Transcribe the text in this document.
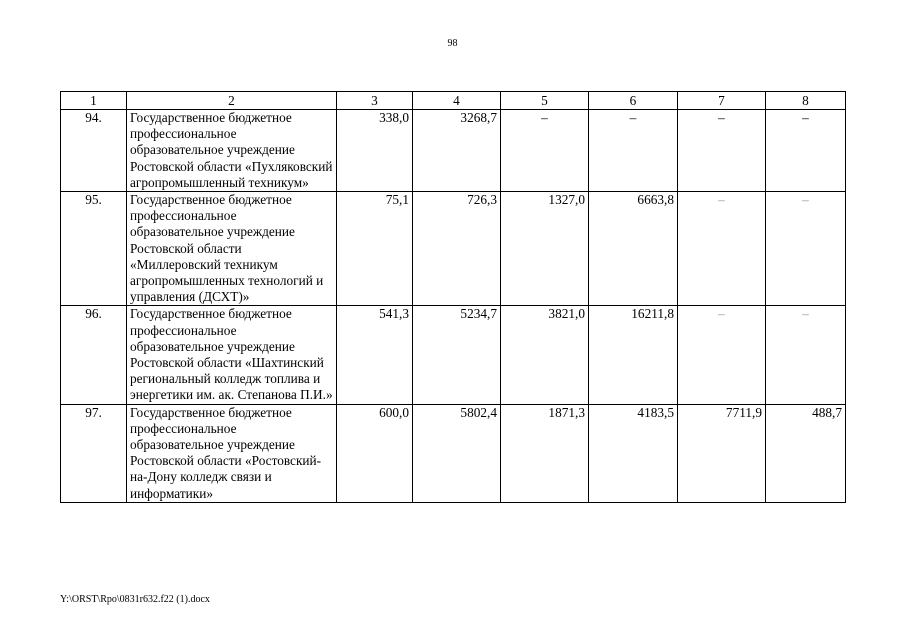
98
1	2	3	4	5	6	7	8
94.	Государственное бюджетное профессиональное образовательное учреждение Ростовской области «Пухляковский агропромышленный техникум»	338,0	3268,7	–	–	–	–
95.	Государственное бюджетное профессиональное образовательное учреждение Ростовской области «Миллеровский техникум агропромышленных технологий и управления (ДСХТ)»	75,1	726,3	1327,0	6663,8	–	–
96.	Государственное бюджетное профессиональное образовательное учреждение Ростовской области «Шахтинский региональный колледж топлива и энергетики им. ак. Степанова П.И.»	541,3	5234,7	3821,0	16211,8	–	–
97.	Государственное бюджетное профессиональное образовательное учреждение Ростовской области «Ростовский-на-Дону колледж связи и информатики»	600,0	5802,4	1871,3	4183,5	7711,9	488,7
Y:\ORST\Rpo\0831r632.f22 (1).docx
